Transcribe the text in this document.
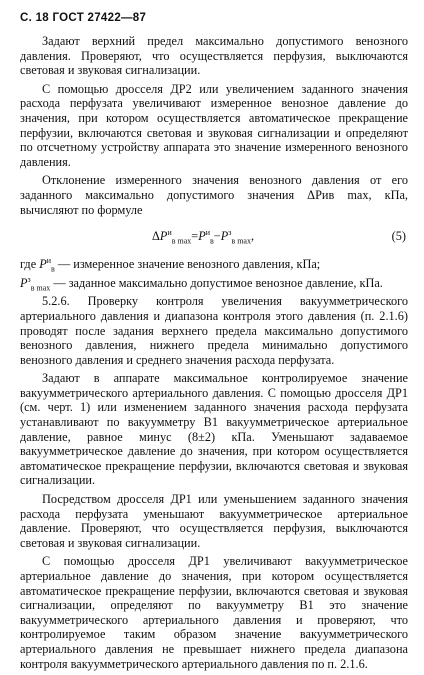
С. 18 ГОСТ 27422—87

Задают верхний предел максимально допустимого венозного давления. Проверяют, что осуществляется перфузия, выключаются световая и звуковая сигнализации.

С помощью дросселя ДР2 или увеличением заданного значения расхода перфузата увеличивают измеренное венозное давление до значения, при котором осуществляется автоматическое прекращение перфузии, включаются световая и звуковая сигнализации и определяют по отсчетному устройству аппарата это значение измеренного венозного давления.

Отклонение измеренного значения венозного давления от его заданного максимально допустимого значения ΔPив max, кПа, вычисляют по формуле

$\Delta P^и_{в max}=P^и_в-P^з_{в max}$,	(5)

где $P^и_в$ — измеренное значение венозного давления, кПа;

$P^з_{в max}$ — заданное максимально допустимое венозное давление, кПа.

5.2.6. Проверку контроля увеличения вакуумметрического артериального давления и диапазона контроля этого давления (п. 2.1.6) проводят после задания верхнего предела максимально допустимого венозного давления, нижнего предела минимально допустимого венозного давления и среднего значения расхода перфузата.

Задают в аппарате максимальное контролируемое значение вакуумметрического артериального давления. С помощью дросселя ДР1 (см. черт. 1) или изменением заданного значения расхода перфузата устанавливают по вакуумметру В1 вакуумметрическое артериальное давление, равное минус (8±2) кПа. Уменьшают задаваемое вакуумметрическое давление до значения, при котором осуществляется автоматическое прекращение перфузии, включаются световая и звуковая сигнализации.

Посредством дросселя ДР1 или уменьшением заданного значения расхода перфузата уменьшают вакуумметрическое артериальное давление. Проверяют, что осуществляется перфузия, выключаются световая и звуковая сигнализации.

С помощью дросселя ДР1 увеличивают вакуумметрическое артериальное давление до значения, при котором осуществляется автоматическое прекращение перфузии, включаются световая и звуковая сигнализации, определяют по вакуумметру В1 это значение вакуумметрического артериального давления и проверяют, что контролируемое таким образом значение вакуумметрического артериального давления не превышает нижнего предела диапазона контроля вакуумметрического артериального давления по п. 2.1.6.
